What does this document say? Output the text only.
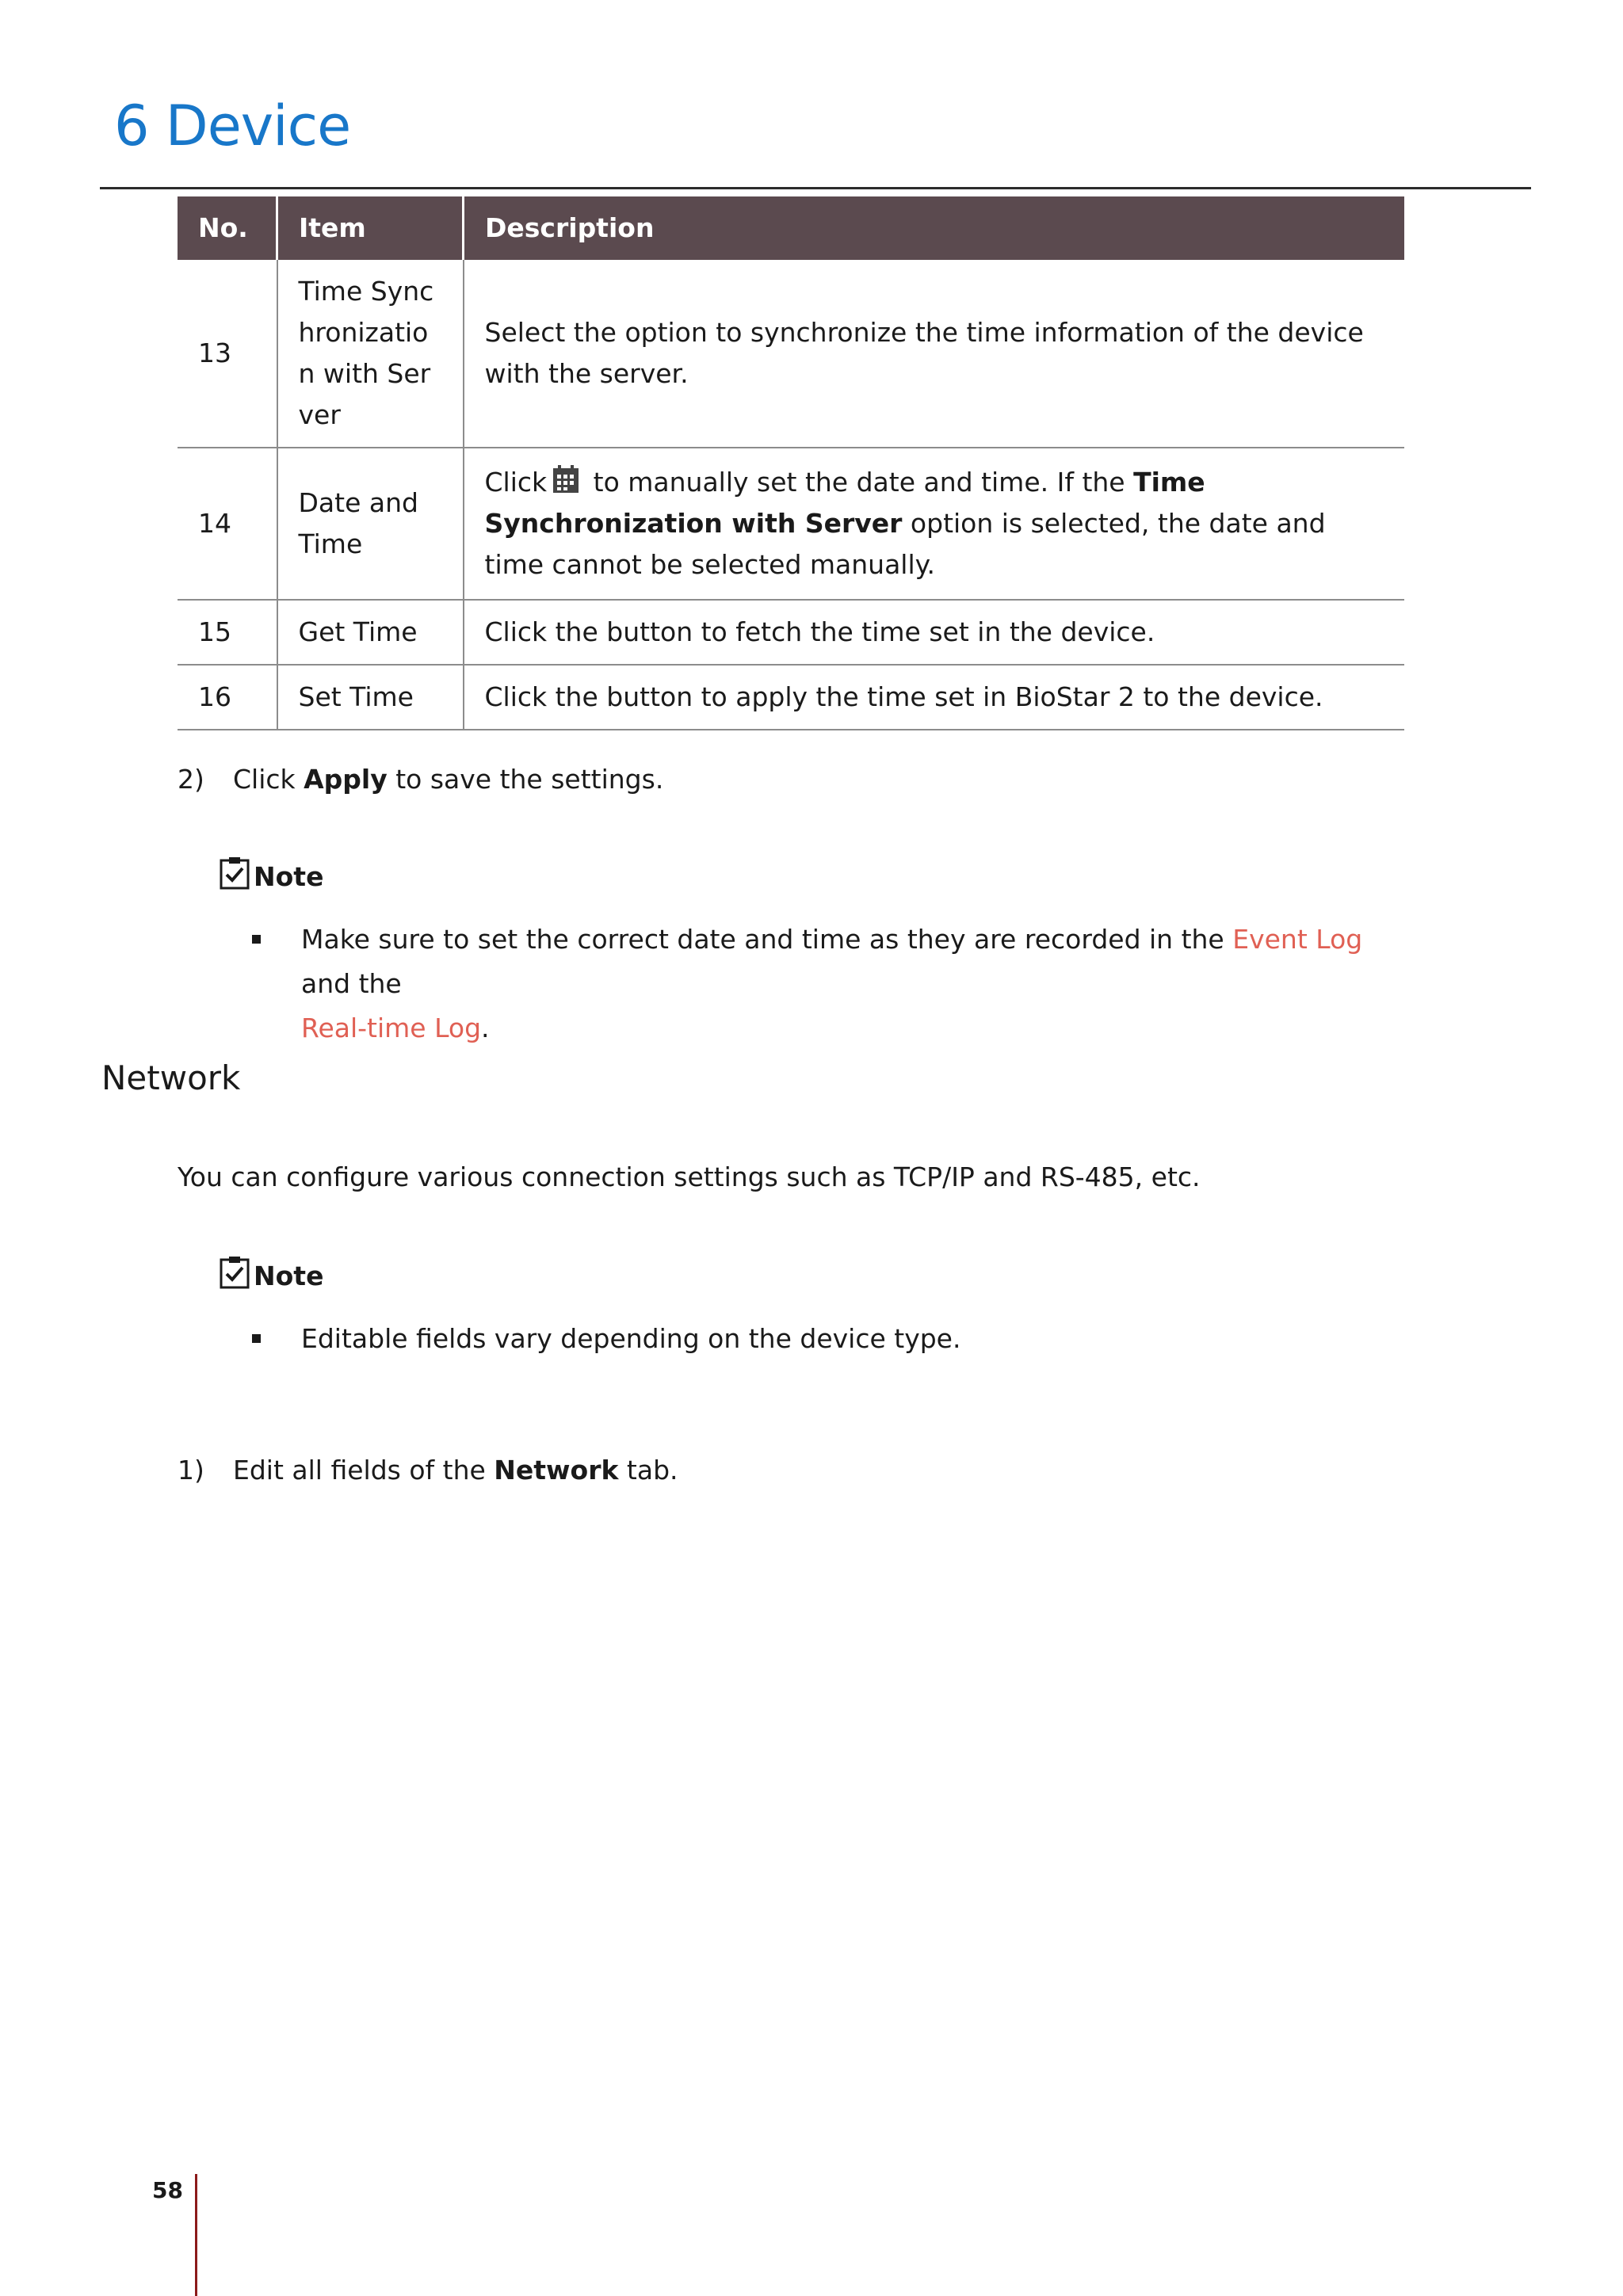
6 Device
No.	Item	Description
13	Time Synchronization with Server	Select the option to synchronize the time information of the device with the server.
14	Date and Time	Click to manually set the date and time. If the Time Synchronization with Server option is selected, the date and time cannot be selected manually.
15	Get Time	Click the button to fetch the time set in the device.
16	Set Time	Click the button to apply the time set in BioStar 2 to the device.
2) Click Apply to save the settings.
Note
Make sure to set the correct date and time as they are recorded in the Event Log and the
Real-time Log.
Network
You can configure various connection settings such as TCP/IP and RS-485, etc.
Note
Editable fields vary depending on the device type.
1) Edit all fields of the Network tab.
58
